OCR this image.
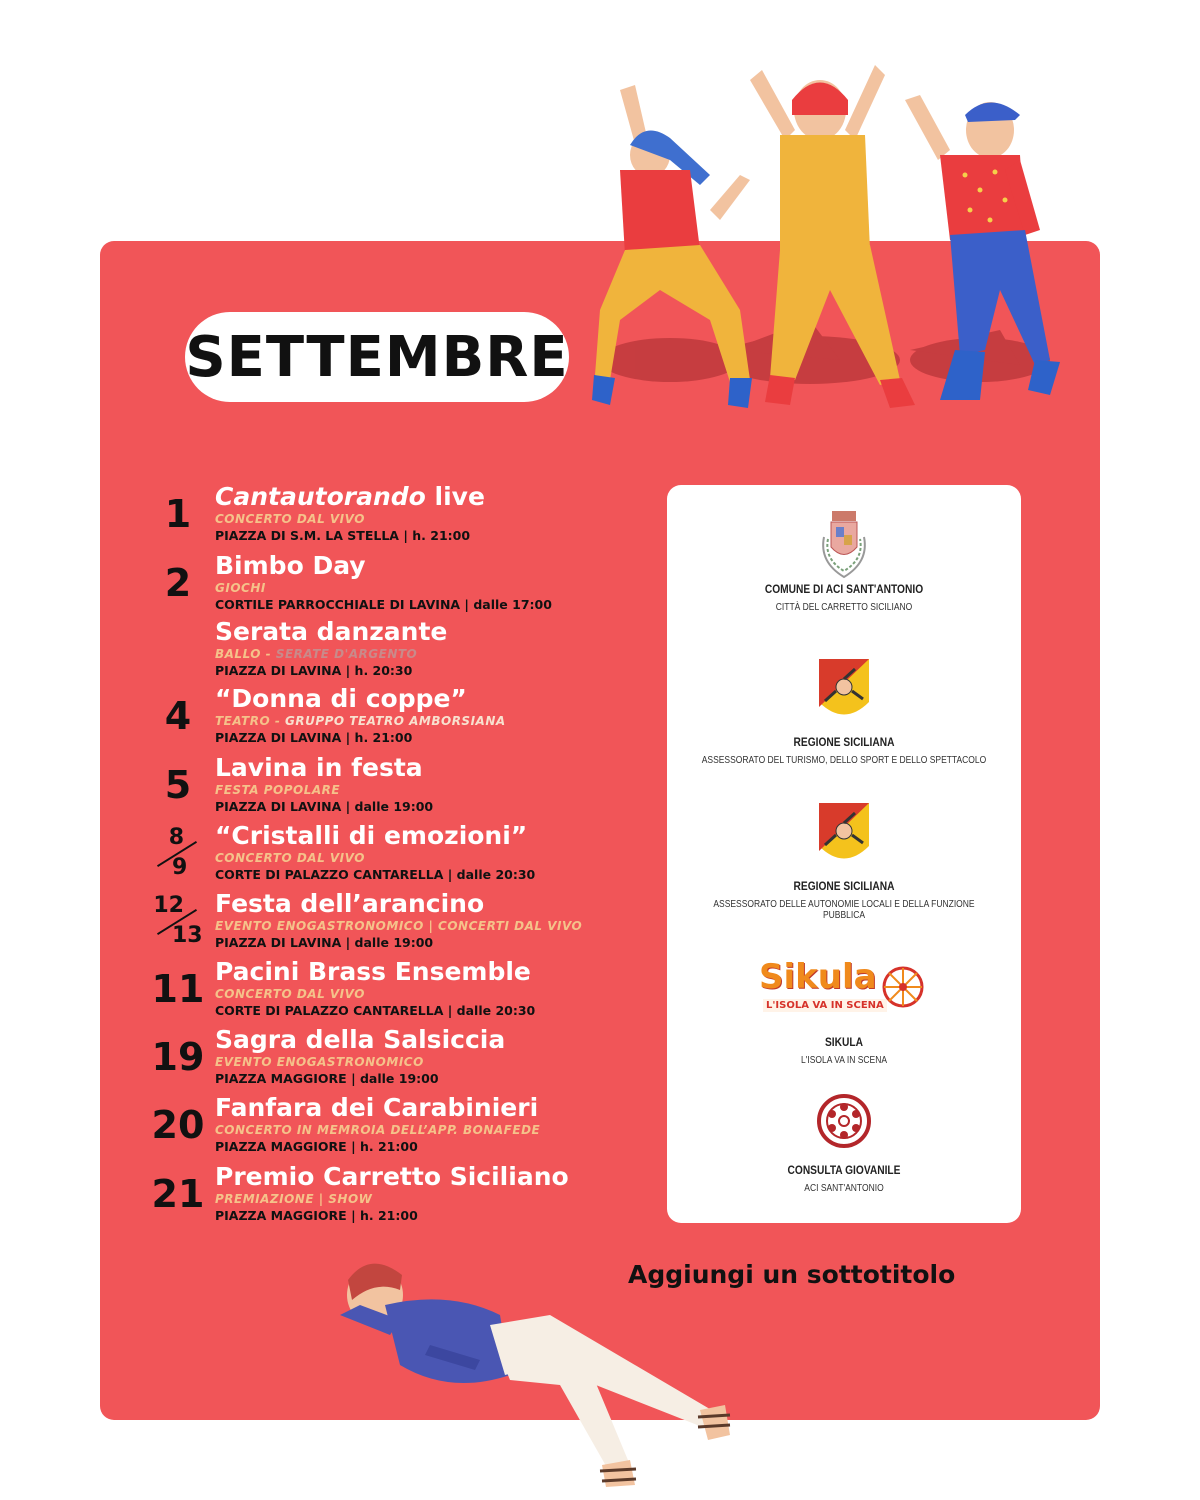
SETTEMBRE
1 Cantautorando live
CONCERTO DAL VIVO
PIAZZA DI S.M. LA STELLA | h. 21:00
2 Bimbo Day
GIOCHI
CORTILE PARROCCHIALE DI LAVINA | dalle 17:00
Serata danzante
BALLO - SERATE D'ARGENTO
PIAZZA DI LAVINA | h. 20:30
4 “Donna di coppe”
TEATRO - GRUPPO TEATRO AMBORSIANA
PIAZZA DI LAVINA | h. 21:00
5 Lavina in festa
FESTA POPOLARE
PIAZZA DI LAVINA | dalle 19:00
8
9
“Cristalli di emozioni”
CONCERTO DAL VIVO
CORTE DI PALAZZO CANTARELLA | dalle 20:30
12
13
Festa dell’arancino
EVENTO ENOGASTRONOMICO | CONCERTI DAL VIVO
PIAZZA DI LAVINA | dalle 19:00
11 Pacini Brass Ensemble
CONCERTO DAL VIVO
CORTE DI PALAZZO CANTARELLA | dalle 20:30
19 Sagra della Salsiccia
EVENTO ENOGASTRONOMICO
PIAZZA MAGGIORE | dalle 19:00
20 Fanfara dei Carabinieri
CONCERTO IN MEMROIA DELL’APP. BONAFEDE
PIAZZA MAGGIORE | h. 21:00
21 Premio Carretto Siciliano
PREMIAZIONE | SHOW
PIAZZA MAGGIORE | h. 21:00
COMUNE DI ACI SANT'ANTONIO
CITTÀ DEL CARRETTO SICILIANO
REGIONE SICILIANA
ASSESSORATO DEL TURISMO, DELLO SPORT E DELLO SPETTACOLO
REGIONE SICILIANA
ASSESSORATO DELLE AUTONOMIE LOCALI E DELLA FUNZIONE PUBBLICA
Sikula
L'ISOLA VA IN SCENA
SIKULA
L'ISOLA VA IN SCENA
CONSULTA GIOVANILE
ACI SANT'ANTONIO
Aggiungi un sottotitolo
